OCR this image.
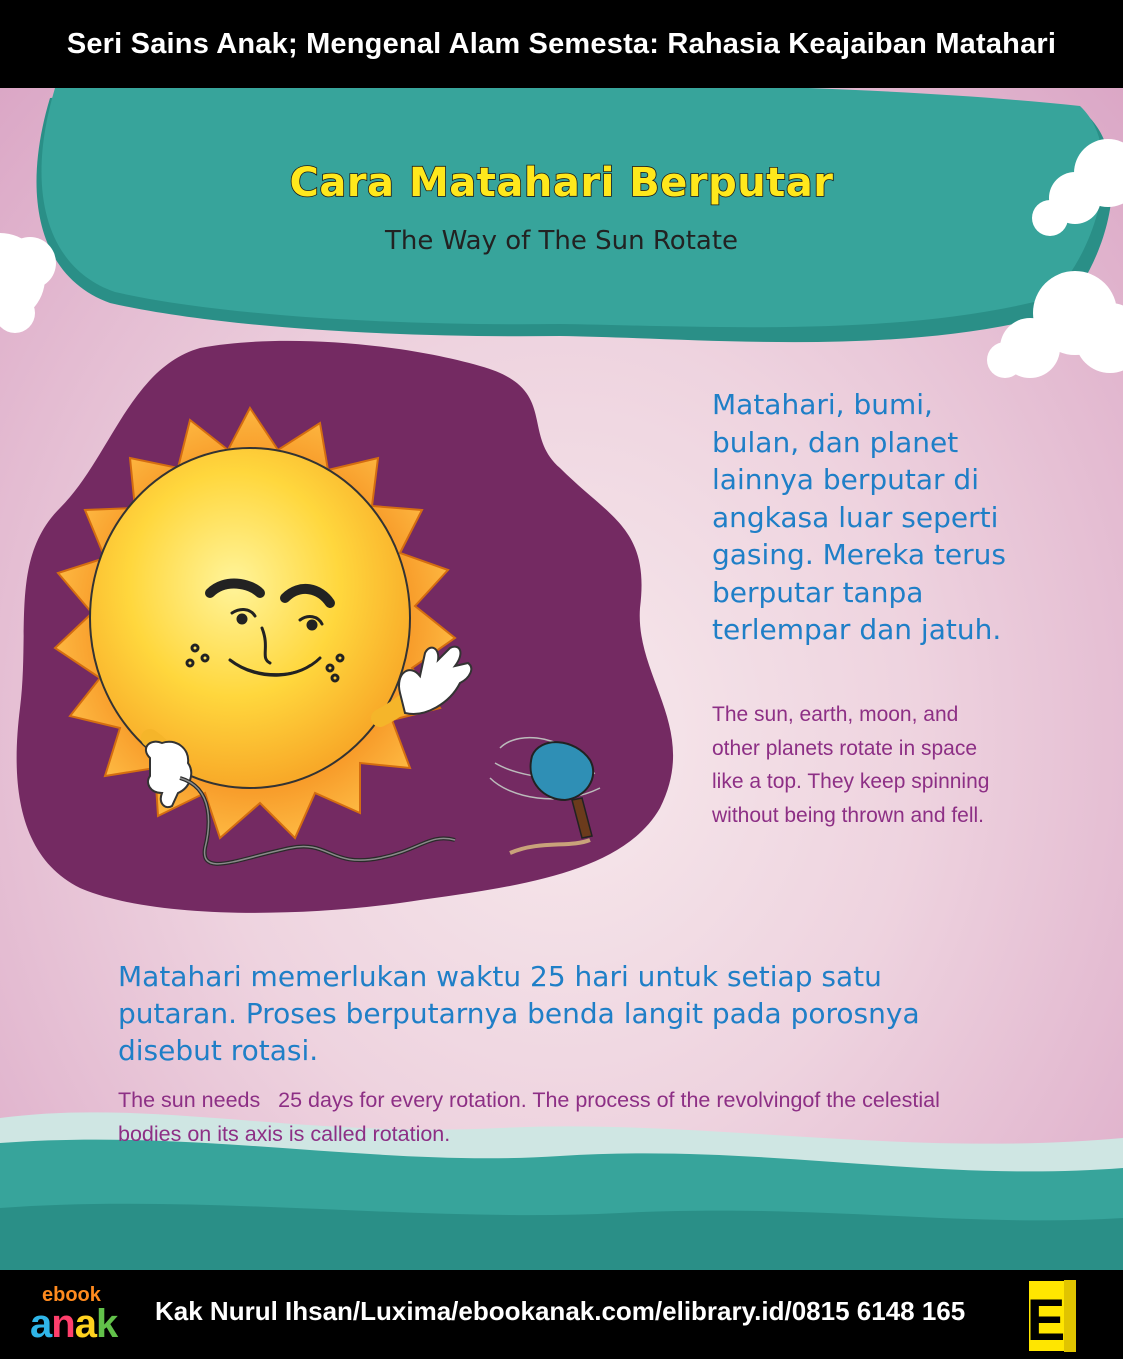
Seri Sains Anak; Mengenal Alam Semesta: Rahasia Keajaiban Matahari
Cara Matahari Berputar

The Way of The Sun Rotate

Matahari, bumi, bulan, dan planet lainnya berputar di angkasa luar seperti gasing. Mereka terus berputar tanpa terlempar dan jatuh.

The sun, earth, moon, and other planets rotate in space like a top. They keep spinning without being thrown and fell.

Matahari memerlukan waktu 25 hari untuk setiap satu putaran. Proses berputarnya benda langit pada porosnya disebut rotasi.

The sun needs   25 days for every rotation. The process of the revolvingof the celestial bodies on its axis is called rotation.

ebook
anak Kak Nurul Ihsan/Luxima/ebookanak.com/elibrary.id/0815 6148 165 E
